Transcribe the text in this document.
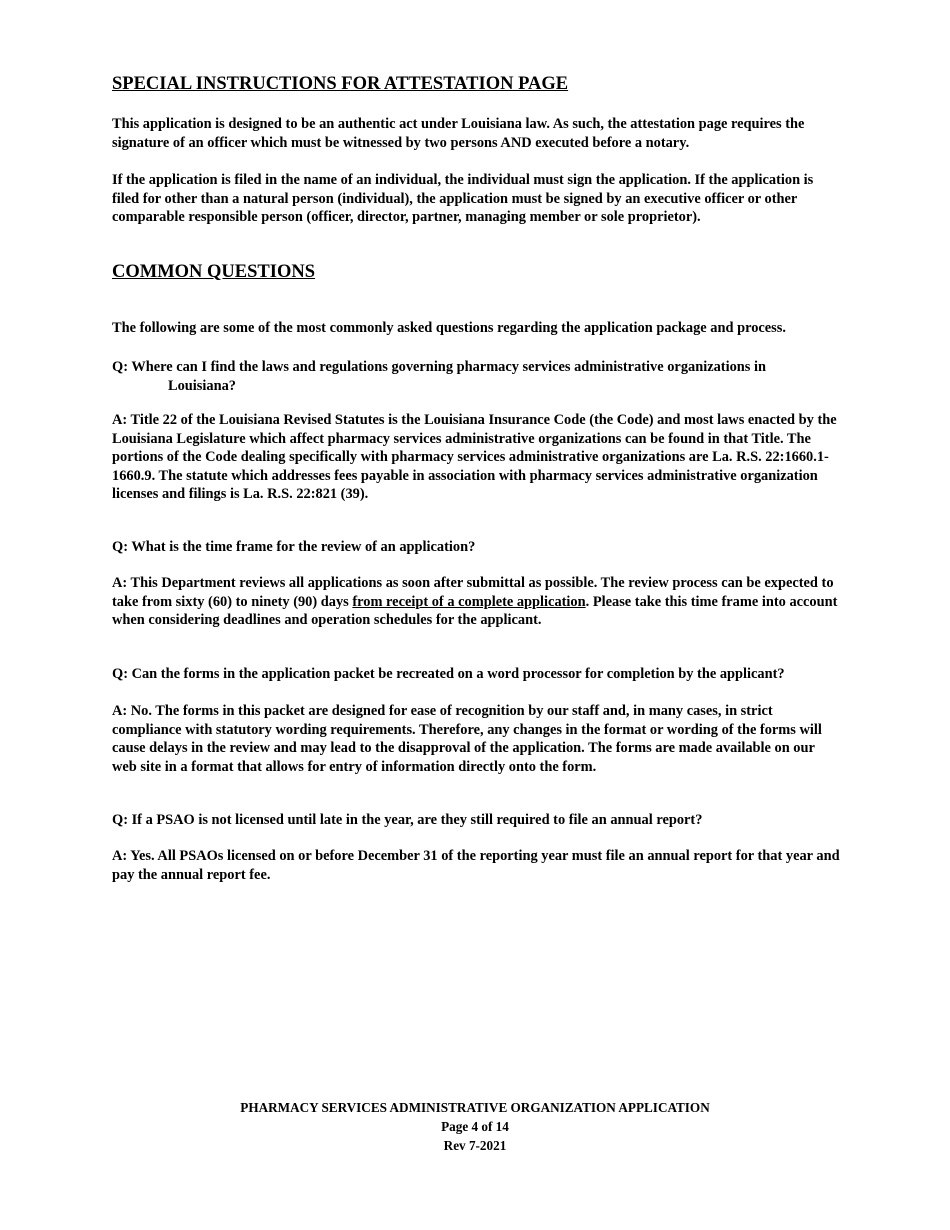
SPECIAL INSTRUCTIONS FOR ATTESTATION PAGE

This application is designed to be an authentic act under Louisiana law. As such, the attestation page requires the signature of an officer which must be witnessed by two persons AND executed before a notary.

If the application is filed in the name of an individual, the individual must sign the application. If the application is filed for other than a natural person (individual), the application must be signed by an executive officer or other comparable responsible person (officer, director, partner, managing member or sole proprietor).

COMMON QUESTIONS

The following are some of the most commonly asked questions regarding the application package and process.

Q: Where can I find the laws and regulations governing pharmacy services administrative organizations in
Louisiana?

A: Title 22 of the Louisiana Revised Statutes is the Louisiana Insurance Code (the Code) and most laws enacted by the Louisiana Legislature which affect pharmacy services administrative organizations can be found in that Title. The portions of the Code dealing specifically with pharmacy services administrative organizations are La. R.S. 22:1660.1-1660.9. The statute which addresses fees payable in association with pharmacy services administrative organization licenses and filings is La. R.S. 22:821 (39).

Q: What is the time frame for the review of an application?

A: This Department reviews all applications as soon after submittal as possible. The review process can be expected to take from sixty (60) to ninety (90) days from receipt of a complete application. Please take this time frame into account when considering deadlines and operation schedules for the applicant.

Q: Can the forms in the application packet be recreated on a word processor for completion by the applicant?

A: No. The forms in this packet are designed for ease of recognition by our staff and, in many cases, in strict compliance with statutory wording requirements. Therefore, any changes in the format or wording of the forms will cause delays in the review and may lead to the disapproval of the application. The forms are made available on our web site in a format that allows for entry of information directly onto the form.

Q: If a PSAO is not licensed until late in the year, are they still required to file an annual report?

A: Yes. All PSAOs licensed on or before December 31 of the reporting year must file an annual report for that year and pay the annual report fee.

PHARMACY SERVICES ADMINISTRATIVE ORGANIZATION APPLICATION
Page 4 of 14
Rev 7-2021
